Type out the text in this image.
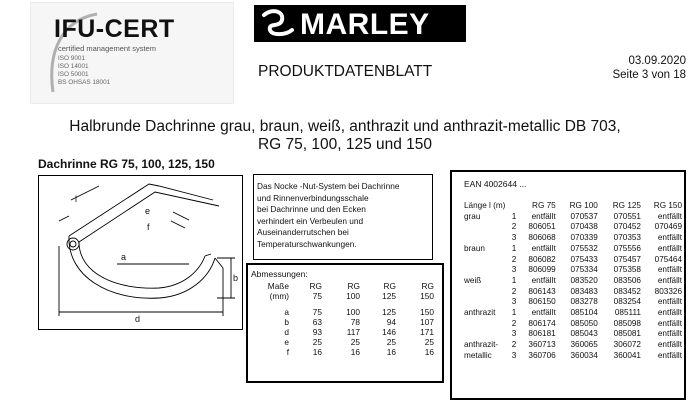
IFU-CERT
certified management system
ISO 9001
ISO 14001
ISO 50001
BS OHSAS 18001
MARLEY
PRODUKTDATENBLATT
03.09.2020
Seite 3 von 18
Halbrunde Dachrinne grau, braun, weiß, anthrazit und anthrazit-metallic DB 703,
RG 75, 100, 125 und 150
Dachrinne RG 75, 100, 125, 150
l
e
f
a
b
d
Das Nocke -Nut-System bei Dachrinne
und Rinnenverbindungsschale
bei Dachrinne und den Ecken
verhindert ein Verbeulen und
Auseinanderrutschen bei
Temperaturschwankungen.
Abmessungen:
Maße	RG	RG	RG	RG
(mm)	75	100	125	150

a	75	100	125	150
b	63	78	94	107
d	93	117	146	171
e	25	25	25	25
f	16	16	16	16
EAN 4002644 ...
Länge l (m)		RG 75	RG 100	RG 125	RG 150
grau	1	entfällt	070537	070551	entfällt
	2	806051	070438	070452	070469
	3	806068	070339	070353	entfällt

braun	1	entfällt	075532	075556	entfällt
	2	806082	075433	075457	075464
	3	806099	075334	075358	entfällt

weiß	1	entfällt	083520	083506	entfällt
	2	806143	083483	083452	803326
	3	806150	083278	083254	entfällt
anthrazit	1	entfällt	085104	085111	entfällt
	2	806174	085050	085098	entfällt
	3	806181	085043	085081	entfällt

anthrazit-	2	360713	360065	306072	entfällt
metallic	3	360706	360034	360041	entfällt
